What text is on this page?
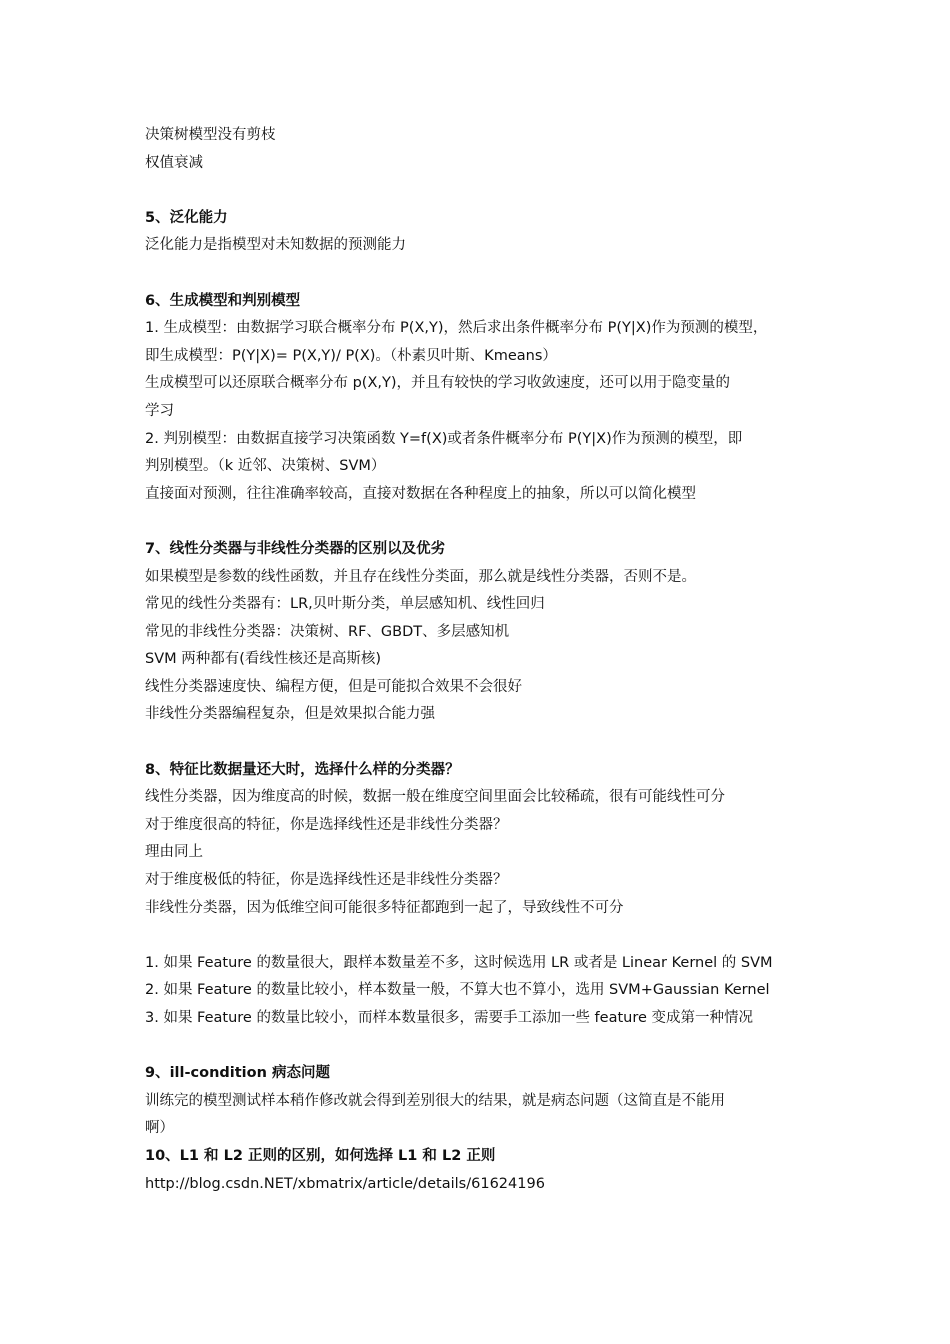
决策树模型没有剪枝
权值衰减
5、泛化能力
泛化能力是指模型对未知数据的预测能力
6、生成模型和判别模型
1. 生成模型：由数据学习联合概率分布 P(X,Y)，然后求出条件概率分布 P(Y|X)作为预测的模型，
即生成模型：P(Y|X)= P(X,Y)/ P(X)。（朴素贝叶斯、Kmeans）
生成模型可以还原联合概率分布 p(X,Y)，并且有较快的学习收敛速度，还可以用于隐变量的
学习
2. 判别模型：由数据直接学习决策函数 Y=f(X)或者条件概率分布 P(Y|X)作为预测的模型，即
判别模型。（k 近邻、决策树、SVM）
直接面对预测，往往准确率较高，直接对数据在各种程度上的抽象，所以可以简化模型
7、线性分类器与非线性分类器的区别以及优劣
如果模型是参数的线性函数，并且存在线性分类面，那么就是线性分类器，否则不是。
常见的线性分类器有：LR,贝叶斯分类，单层感知机、线性回归
常见的非线性分类器：决策树、RF、GBDT、多层感知机
SVM 两种都有(看线性核还是高斯核)
线性分类器速度快、编程方便，但是可能拟合效果不会很好
非线性分类器编程复杂，但是效果拟合能力强
8、特征比数据量还大时，选择什么样的分类器？
线性分类器，因为维度高的时候，数据一般在维度空间里面会比较稀疏，很有可能线性可分
对于维度很高的特征，你是选择线性还是非线性分类器？
理由同上
对于维度极低的特征，你是选择线性还是非线性分类器？
非线性分类器，因为低维空间可能很多特征都跑到一起了，导致线性不可分
1. 如果 Feature 的数量很大，跟样本数量差不多，这时候选用 LR 或者是 Linear Kernel 的 SVM
2. 如果 Feature 的数量比较小，样本数量一般，不算大也不算小，选用 SVM+Gaussian Kernel
3. 如果 Feature 的数量比较小，而样本数量很多，需要手工添加一些 feature 变成第一种情况
9、ill-condition 病态问题
训练完的模型测试样本稍作修改就会得到差别很大的结果，就是病态问题（这简直是不能用
啊）
10、L1 和 L2 正则的区别，如何选择 L1 和 L2 正则
http://blog.csdn.NET/xbmatrix/article/details/61624196
